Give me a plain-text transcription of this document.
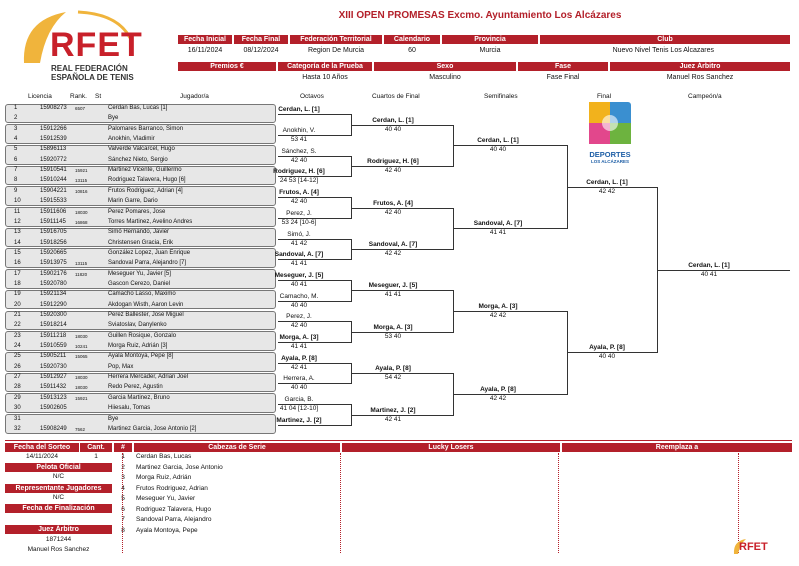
RFET
REAL FEDERACIÓN
ESPAÑOLA DE TENIS
XIII OPEN PROMESAS Excmo. Ayuntamiento Los Alcázares
Fecha Inicial	Fecha Final	Federación Territorial	Calendario	Provincia	Club
16/11/2024	08/12/2024	Region De Murcia	60	Murcia	Nuevo Nivel Tenis Los Alcazares
Premios €	Categoría de la Prueba	Sexo	Fase	Juez Árbitro
Hasta 10 Años	Masculino	Fase Final	Manuel Ros Sanchez
Licencia	Rank. St	Jugador/a	Octavos	Cuartos de Final	Semifinales	Final	Campeón/a
1	15908273 6507	Cerdan Bas, Lucas [1]
2	Bye
3	15912266	Palomares Barranco, Simon
4	15912539	Anokhin, Vladimir
5	15896113	Valverde Valcarcel, Hugo
6	15920772	Sánchez Nieto, Sergio
7	15910541 15921	Martinez Vicente, Guillermo
8	15910244 13115	Rodriguez Talavera, Hugo [6]
9	15904221 10816	Frutos Rodriguez, Adrian [4]
10	15915533	Marin Garre, Dario
11	15911606 18030	Perez Pomares, Jose
12	15911145 16868	Torres Martinez, Avelino Andres
13	15916705	Simó Hernando, Javier
14	15918256	Christensen Gracia, Erik
15	15920665	González Lopez, Juan Enrique
16	15913975 13115	Sandoval Parra, Alejandro [7]
17	15902176 11820	Meseguer Yu, Javier [5]
18	15920780	Gascon Cerezo, Daniel
19	15921134	Camacho Lasso, Maximo
20	15912290	Akdogan Wisth, Aaron Levin
21	15920300	Perez Ballester, Jose Miguel
22	15918214	Sviatoslav, Danylenko
23	15911218 18030	Guillen Rosique, Gonzalo
24	15910559 10241	Morga Ruiz, Adrián [3]
25	15905211 15065	Ayala Montoya, Pepe [8]
26	15920730	Pop, Max
27	15912927 18030	Herrera Mercader, Adrian Joel
28	15911432 18030	Redo Perez, Agustin
29	15913123 15921	Garcia Martinez, Bruno
30	15902605	Hiiesalu, Tomas
31	Bye
32	15908249 7562	Martinez Garcia, Jose Antonio [2]
Cerdan, L. [1]
Anokhin, V.
53 41
Sánchez, S.
42 40
Rodriguez, H. [6]
24 53 [14-12]
Frutos, A. [4]
42 40
Perez, J.
53 24 [10-6]
Simó, J.
41 42
Sandoval, A. [7]
41 41
Meseguer, J. [5]
40 41
Camacho, M.
40 40
Perez, J.
42 40
Morga, A. [3]
41 41
Ayala, P. [8]
42 41
Herrera, A.
40 40
Garcia, B.
41 04 [12-10]
Martinez, J. [2]
Cerdan, L. [1]
40 40
Rodriguez, H. [6]
42 40
Frutos, A. [4]
42 40
Sandoval, A. [7]
42 42
Meseguer, J. [5]
41 41
Morga, A. [3]
53 40
Ayala, P. [8]
54 42
Martinez, J. [2]
42 41
Cerdan, L. [1]
40 40
Sandoval, A. [7]
41 41
Morga, A. [3]
42 42
Ayala, P. [8]
42 42
Cerdan, L. [1]
42 42
Ayala, P. [8]
40 40
Cerdan, L. [1]
40 41
DEPORTES
LOS ALCÁZARES
Fecha del Sorteo	Cant.	#	Cabezas de Serie	Lucky Losers	Reemplaza a
14/11/2024	1
Pelota Oficial
N/C
Representante Jugadores
N/C
Fecha de Finalización
Juez Árbitro
1871244
Manuel Ros Sanchez
1	Cerdan Bas, Lucas
2	Martinez Garcia, Jose Antonio
3	Morga Ruiz, Adrián
4	Frutos Rodriguez, Adrian
5	Meseguer Yu, Javier
6	Rodriguez Talavera, Hugo
7	Sandoval Parra, Alejandro
8	Ayala Montoya, Pepe
RFET
